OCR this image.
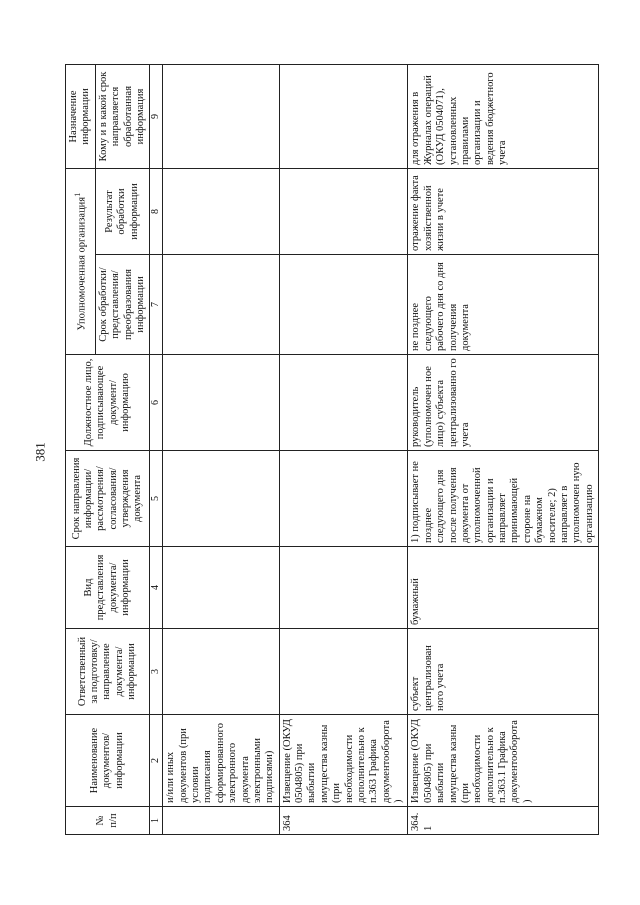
381
№ п/п	Наименование документов/ информации	Ответственный за подготовку/ направление документа/ информации	Вид представления документа/ информации	Срок направления информации/ рассмотрения/ согласования/ утверждения документа	Должностное лицо, подписывающее документ/ информацию	Уполномоченная организация$^1$		Назначение информации
						Срок обработки/ представления/ преобразования информации	Результат обработки информации	Кому и в какой срок направляется обработанная информация
1	2	3	4	5	6	7	8	9
	и/или иных документов (при условии подписания сформированного электронного документа электронными подписями)							
364	Извещение (ОКУД 0504805) при выбытии имущества казны (при необходимости дополнительно к п.363 Графика документооборота)							
364.1	Извещение (ОКУД 0504805) при выбытии имущества казны (при необходимости дополнительно к п.363.1 Графика документооборота)	субъект централизован ного учета	бумажный	1) подписывает не позднее следующего дня после получения документа от уполномоченной организации и направляет принимающей стороне на бумажном носителе; 2) направляет в уполномочен ную организацию	руководитель (уполномочен ное лицо) субъекта централизованно го учета	не позднее следующего рабочего дня со дня получения документа	отражение факта хозяйственной жизни в учете	для отражения в Журналах операций (ОКУД 0504071), установленных правилами организации и ведения бюджетного учета
